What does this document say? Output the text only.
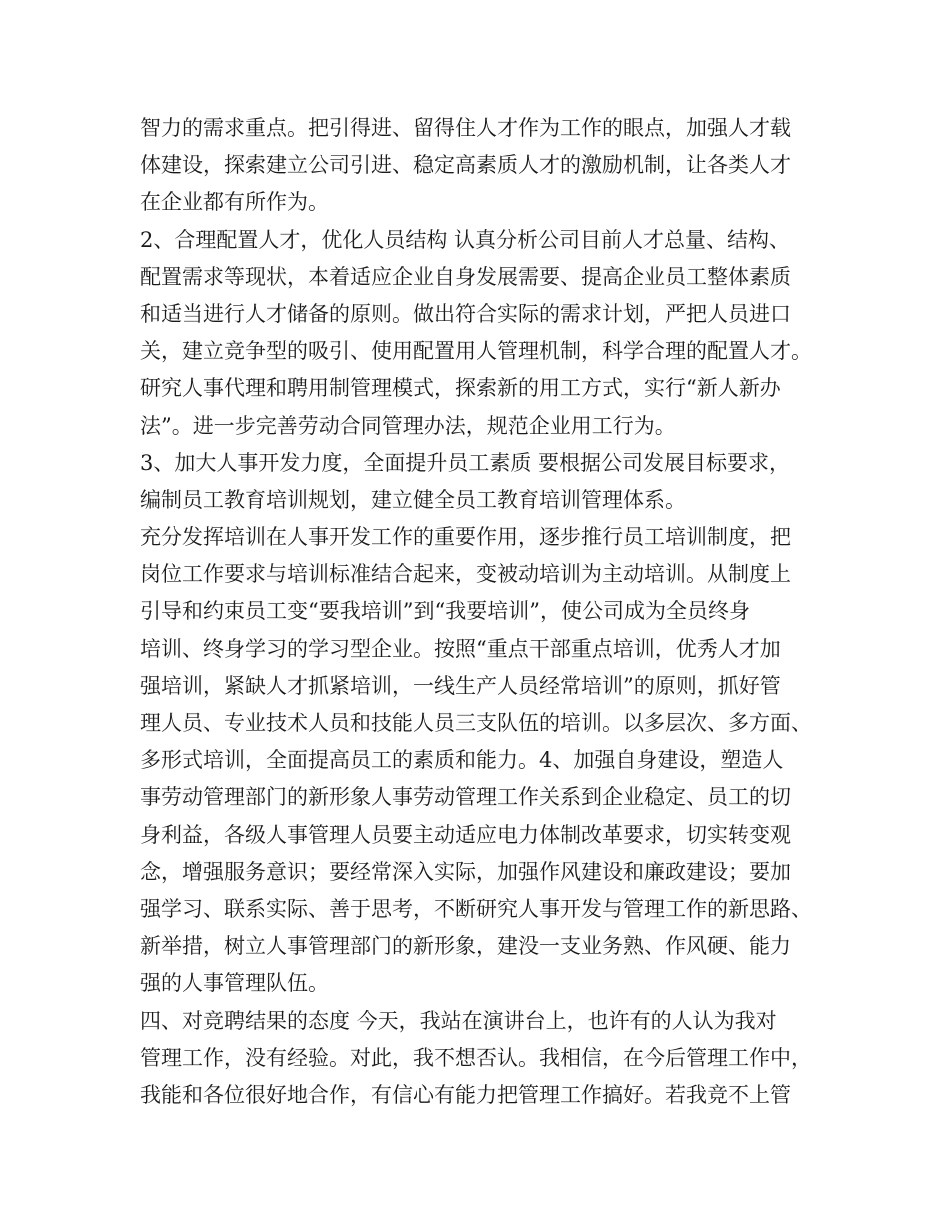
智力的需求重点。把引得进、留得住人才作为工作的眼点，加强人才载
体建设，探索建立公司引进、稳定高素质人才的激励机制，让各类人才
在企业都有所作为。
2、合理配置人才，优化人员结构 认真分析公司目前人才总量、结构、
配置需求等现状，本着适应企业自身发展需要、提高企业员工整体素质
和适当进行人才储备的原则。做出符合实际的需求计划，严把人员进口
关，建立竞争型的吸引、使用配置用人管理机制，科学合理的配置人才。
研究人事代理和聘用制管理模式，探索新的用工方式，实行“新人新办
法”。进一步完善劳动合同管理办法，规范企业用工行为。
3、加大人事开发力度，全面提升员工素质 要根据公司发展目标要求，
编制员工教育培训规划，建立健全员工教育培训管理体系。
充分发挥培训在人事开发工作的重要作用，逐步推行员工培训制度，把
岗位工作要求与培训标准结合起来，变被动培训为主动培训。从制度上
引导和约束员工变“要我培训”到“我要培训”，使公司成为全员终身
培训、终身学习的学习型企业。按照“重点干部重点培训，优秀人才加
强培训，紧缺人才抓紧培训，一线生产人员经常培训”的原则，抓好管
理人员、专业技术人员和技能人员三支队伍的培训。以多层次、多方面、
多形式培训，全面提高员工的素质和能力。4、加强自身建设，塑造人
事劳动管理部门的新形象人事劳动管理工作关系到企业稳定、员工的切
身利益，各级人事管理人员要主动适应电力体制改革要求，切实转变观
念，增强服务意识；要经常深入实际，加强作风建设和廉政建设；要加
强学习、联系实际、善于思考，不断研究人事开发与管理工作的新思路、
新举措，树立人事管理部门的新形象，建没一支业务熟、作风硬、能力
强的人事管理队伍。
四、对竞聘结果的态度 今天，我站在演讲台上，也许有的人认为我对
管理工作，没有经验。对此，我不想否认。我相信，在今后管理工作中，
我能和各位很好地合作，有信心有能力把管理工作搞好。若我竞不上管
